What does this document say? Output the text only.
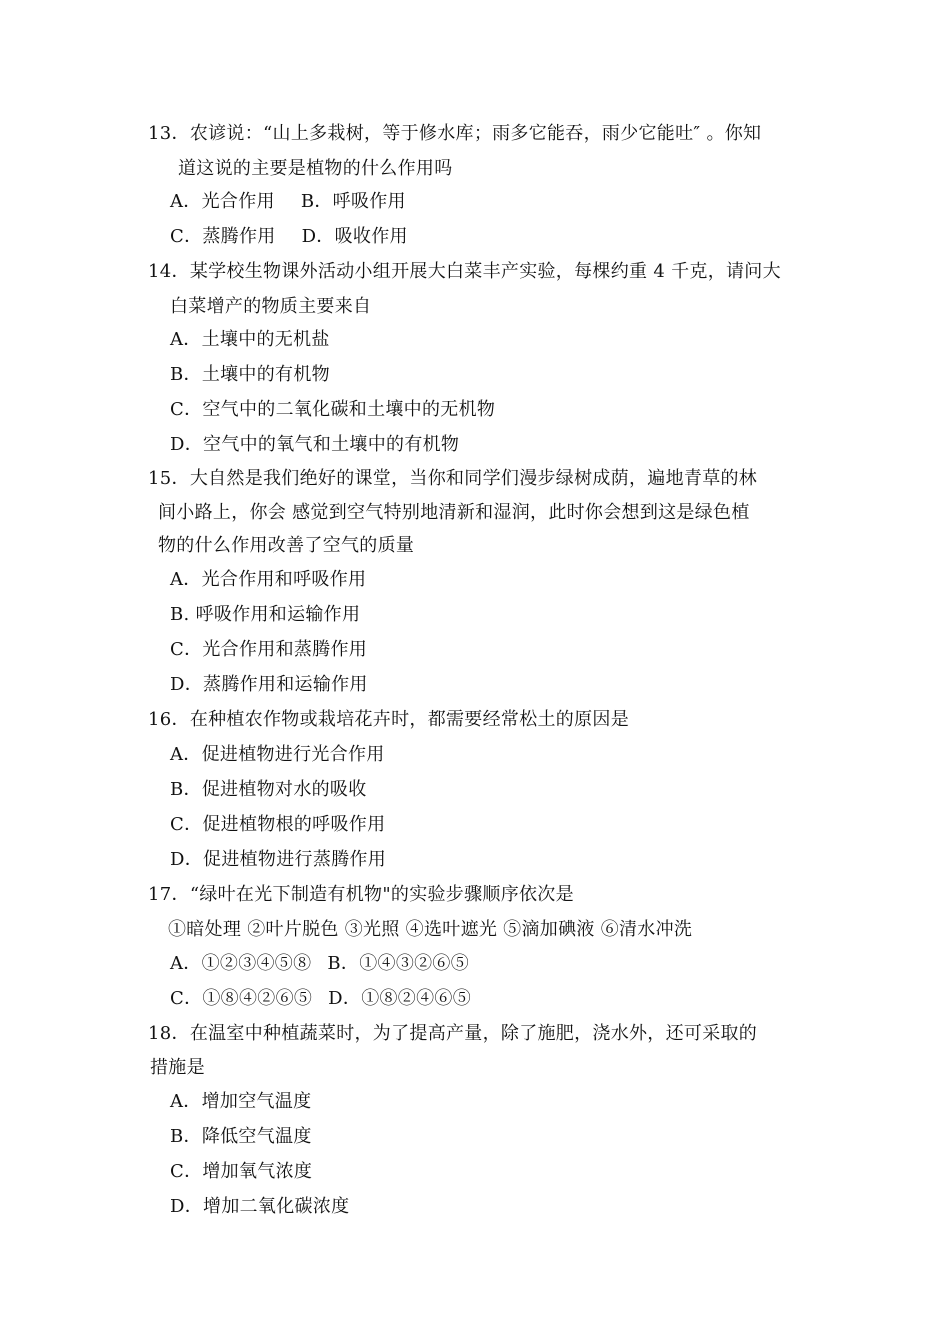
13．农谚说：“山上多栽树，等于修水库；雨多它能吞，雨少它能吐″ 。你知
道这说的主要是植物的什么作用吗
A．光合作用 B．呼吸作用
C．蒸腾作用 D．吸收作用
14．某学校生物课外活动小组开展大白菜丰产实验，每棵约重 4 千克，请问大
白菜增产的物质主要来自
A．土壤中的无机盐
B．土壤中的有机物
C．空气中的二氧化碳和土壤中的无机物
D．空气中的氧气和土壤中的有机物
15．大自然是我们绝好的课堂，当你和同学们漫步绿树成荫，遍地青草的林
间小路上，你会 感觉到空气特别地清新和湿润，此时你会想到这是绿色植
物的什么作用改善了空气的质量
A．光合作用和呼吸作用
B. 呼吸作用和运输作用
C．光合作用和蒸腾作用
D．蒸腾作用和运输作用
16．在种植农作物或栽培花卉时，都需要经常松土的原因是
A．促进植物进行光合作用
B．促进植物对水的吸收
C．促进植物根的呼吸作用
D．促进植物进行蒸腾作用
17．“绿叶在光下制造有机物"的实验步骤顺序依次是
①暗处理 ②叶片脱色 ③光照 ④选叶遮光 ⑤滴加碘液 ⑥清水冲洗
A．①②③④⑤⑧ B．①④③②⑥⑤
C．①⑧④②⑥⑤ D．①⑧②④⑥⑤
18．在温室中种植蔬菜时，为了提高产量，除了施肥，浇水外，还可采取的
措施是
A．增加空气温度
B．降低空气温度
C．增加氧气浓度
D．增加二氧化碳浓度
